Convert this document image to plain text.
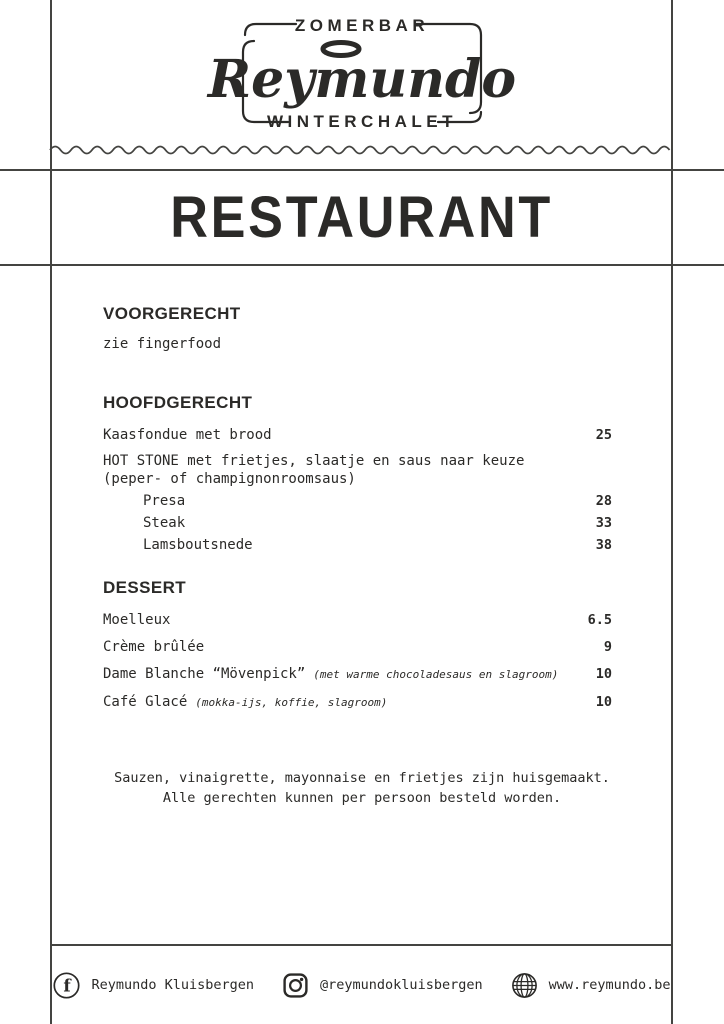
ZOMERBAR
Reymundo
WINTERCHALET
RESTAURANT
VOORGERECHT
zie fingerfood
HOOFDGERECHT
Kaasfondue met brood	25
HOT STONE met frietjes, slaatje en saus naar keuze
(peper- of champignonroomsaus)
Presa	28
Steak	33
Lamsboutsnede	38
DESSERT
Moelleux	6.5
Crème brûlée	9
Dame Blanche “Mövenpick” (met warme chocoladesaus en slagroom)	10
Café Glacé (mokka-ijs, koffie, slagroom)	10
Sauzen, vinaigrette, mayonnaise en frietjes zijn huisgemaakt.
Alle gerechten kunnen per persoon besteld worden.
f Reymundo Kluisbergen	@reymundokluisbergen	www.reymundo.be
